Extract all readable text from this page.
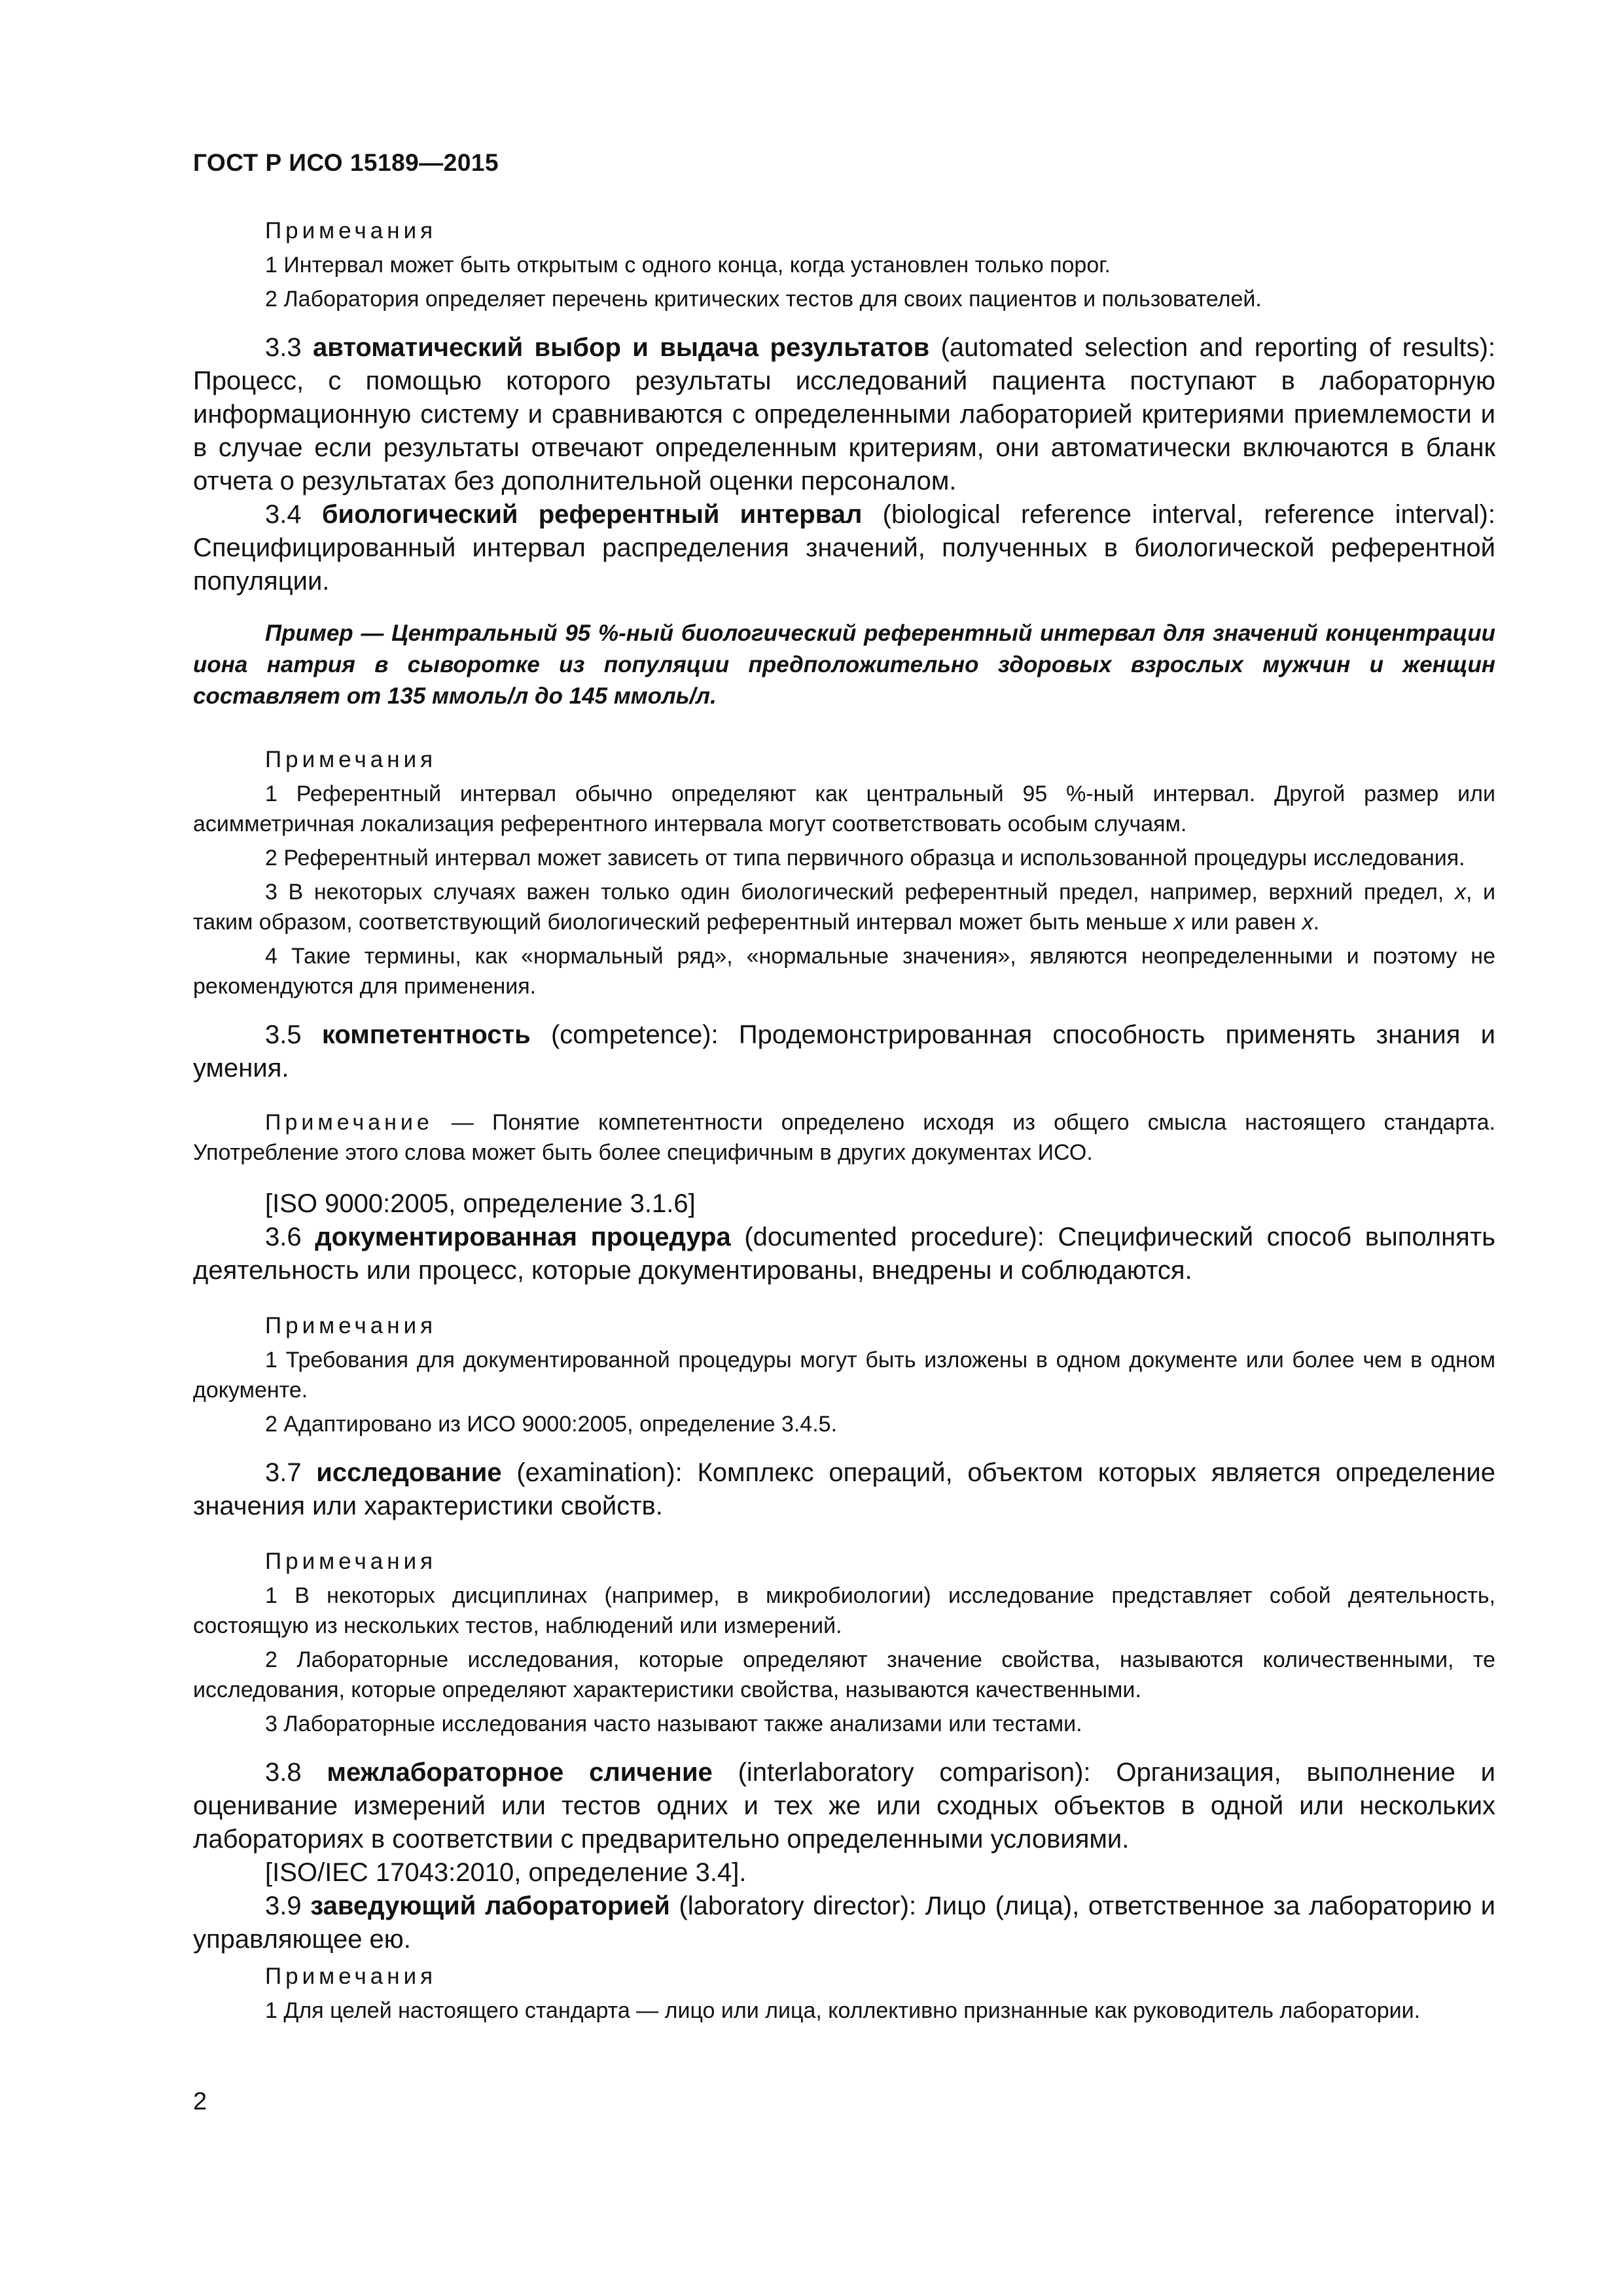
ГОСТ Р ИСО 15189—2015
Примечания

1 Интервал может быть открытым с одного конца, когда установлен только порог.

2 Лаборатория определяет перечень критических тестов для своих пациентов и пользователей.

3.3 автоматический выбор и выдача результатов (automated selection and reporting of results): Процесс, с помощью которого результаты исследований пациента поступают в лабораторную информационную систему и сравниваются с определенными лабораторией критериями приемлемости и в случае если результаты отвечают определенным критериям, они автоматически включаются в бланк отчета о результатах без дополнительной оценки персоналом.

3.4 биологический референтный интервал (biological reference interval, reference interval): Специфицированный интервал распределения значений, полученных в биологической референтной популяции.

Пример — Центральный 95 %-ный биологический референтный интервал для значений концентрации иона натрия в сыворотке из популяции предположительно здоровых взрослых мужчин и женщин составляет от 135 ммоль/л до 145 ммоль/л.

Примечания

1 Референтный интервал обычно определяют как центральный 95 %-ный интервал. Другой размер или асимметричная локализация референтного интервала могут соответствовать особым случаям.

2 Референтный интервал может зависеть от типа первичного образца и использованной процедуры исследования.

3 В некоторых случаях важен только один биологический референтный предел, например, верхний предел, x, и таким образом, соответствующий биологический референтный интервал может быть меньше x или равен x.

4 Такие термины, как «нормальный ряд», «нормальные значения», являются неопределенными и поэтому не рекомендуются для применения.

3.5 компетентность (competence): Продемонстрированная способность применять знания и умения.

Примечание — Понятие компетентности определено исходя из общего смысла настоящего стандарта. Употребление этого слова может быть более специфичным в других документах ИСО.

[ISO 9000:2005, определение 3.1.6]

3.6 документированная процедура (documented procedure): Специфический способ выполнять деятельность или процесс, которые документированы, внедрены и соблюдаются.

Примечания

1 Требования для документированной процедуры могут быть изложены в одном документе или более чем в одном документе.

2 Адаптировано из ИСО 9000:2005, определение 3.4.5.

3.7 исследование (examination): Комплекс операций, объектом которых является определение значения или характеристики свойств.

Примечания

1 В некоторых дисциплинах (например, в микробиологии) исследование представляет собой деятельность, состоящую из нескольких тестов, наблюдений или измерений.

2 Лабораторные исследования, которые определяют значение свойства, называются количественными, те исследования, которые определяют характеристики свойства, называются качественными.

3 Лабораторные исследования часто называют также анализами или тестами.

3.8 межлабораторное сличение (interlaboratory comparison): Организация, выполнение и оценивание измерений или тестов одних и тех же или сходных объектов в одной или нескольких лабораториях в соответствии с предварительно определенными условиями.

[ISO/IEC 17043:2010, определение 3.4].

3.9 заведующий лабораторией (laboratory director): Лицо (лица), ответственное за лабораторию и управляющее ею.

Примечания

1 Для целей настоящего стандарта — лицо или лица, коллективно признанные как руководитель лаборатории.

2
